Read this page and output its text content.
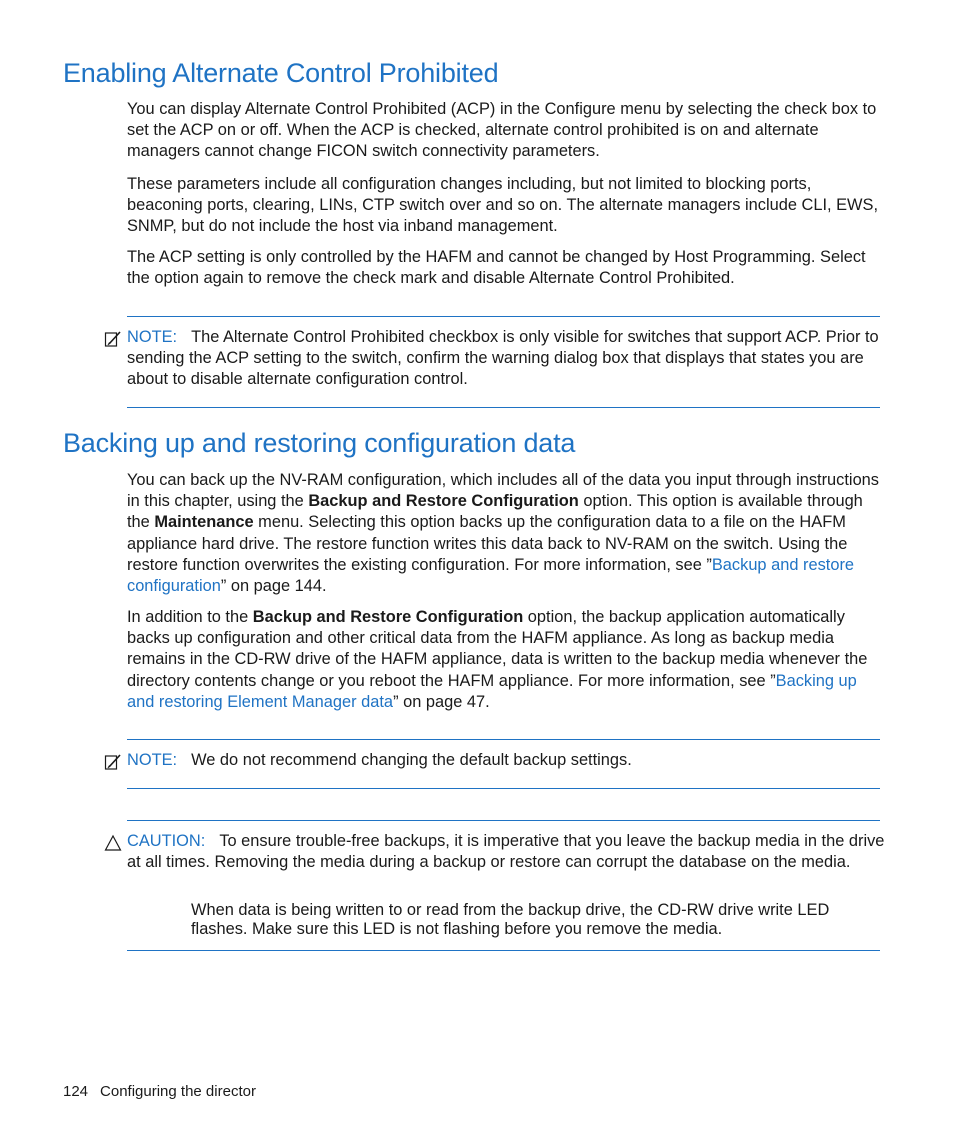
Enabling Alternate Control Prohibited

You can display Alternate Control Prohibited (ACP) in the Configure menu by selecting the check box to set the ACP on or off. When the ACP is checked, alternate control prohibited is on and alternate managers cannot change FICON switch connectivity parameters.

These parameters include all configuration changes including, but not limited to blocking ports, beaconing ports, clearing, LINs, CTP switch over and so on. The alternate managers include CLI, EWS, SNMP, but do not include the host via inband management.

The ACP setting is only controlled by the HAFM and cannot be changed by Host Programming. Select the option again to remove the check mark and disable Alternate Control Prohibited.

NOTE: The Alternate Control Prohibited checkbox is only visible for switches that support ACP. Prior to sending the ACP setting to the switch, confirm the warning dialog box that displays that states you are about to disable alternate configuration control.

Backing up and restoring configuration data

You can back up the NV-RAM configuration, which includes all of the data you input through instructions in this chapter, using the Backup and Restore Configuration option. This option is available through the Maintenance menu. Selecting this option backs up the configuration data to a file on the HAFM appliance hard drive. The restore function writes this data back to NV-RAM on the switch. Using the restore function overwrites the existing configuration. For more information, see ”Backup and restore configuration” on page 144.

In addition to the Backup and Restore Configuration option, the backup application automatically backs up configuration and other critical data from the HAFM appliance. As long as backup media remains in the CD-RW drive of the HAFM appliance, data is written to the backup media whenever the directory contents change or you reboot the HAFM appliance. For more information, see ”Backing up and restoring Element Manager data” on page 47.

NOTE: We do not recommend changing the default backup settings.

CAUTION: To ensure trouble-free backups, it is imperative that you leave the backup media in the drive at all times. Removing the media during a backup or restore can corrupt the database on the media.

When data is being written to or read from the backup drive, the CD-RW drive write LED flashes. Make sure this LED is not flashing before you remove the media.

124 Configuring the director
